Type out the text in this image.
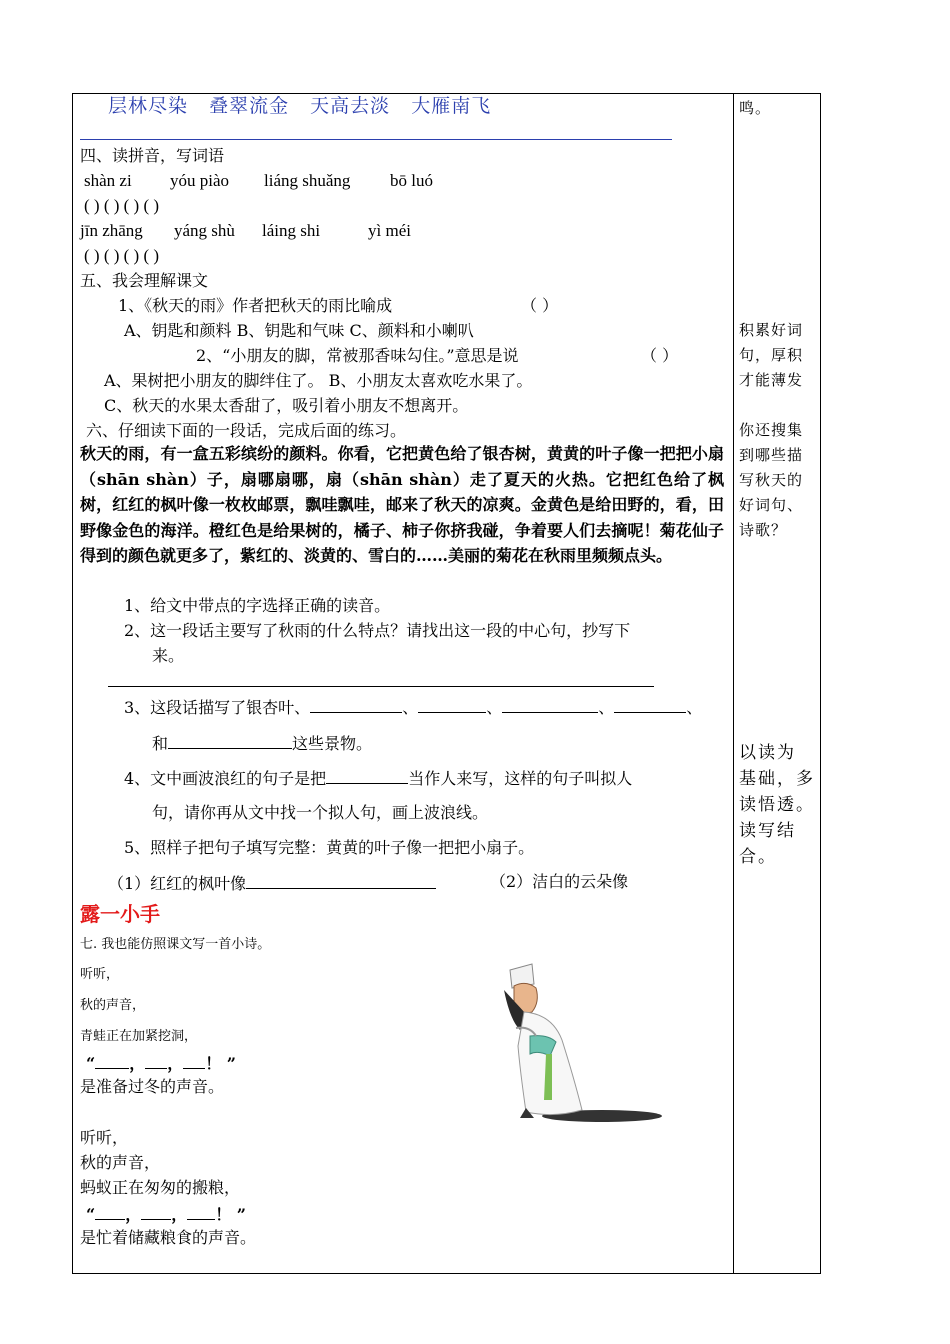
鸣。
积累好词
句，厚积
才能薄发
你还搜集
到哪些描
写秋天的
好词句、
诗歌？
以读为
基础，多
读悟透。
读写结
合。
层林尽染 叠翠流金 天高去淡 大雁南飞
四、读拼音，写词语
shàn zi yóu piào liáng shuǎng bō luó
( ) ( ) ( ) ( )
jīn zhāng yáng shù láing shi	yì méi
( ) ( ) ( ) ( )
五、我会理解课文
1、《秋天的雨》作者把秋天的雨比喻成	（ ）
A、钥匙和颜料 B、钥匙和气味 C、颜料和小喇叭
2、“小朋友的脚，常被那香味勾住。”意思是说	（ ）
A、果树把小朋友的脚绊住了。 B、小朋友太喜欢吃水果了。
C、秋天的水果太香甜了，吸引着小朋友不想离开。
六、仔细读下面的一段话，完成后面的练习。
秋天的雨，有一盒五彩缤纷的颜料。你看，它把黄色给了银杏树，黄黄的叶子像一把把小扇（shān shàn）子，扇哪扇哪，扇（shān shàn）走了夏天的火热。它把红色给了枫树，红红的枫叶像一枚枚邮票，飘哇飘哇，邮来了秋天的凉爽。金黄色是给田野的，看，田野像金色的海洋。橙红色是给果树的，橘子、柿子你挤我碰，争着要人们去摘呢！菊花仙子得到的颜色就更多了，紫红的、淡黄的、雪白的……美丽的菊花在秋雨里频频点头。
1、给文中带点的字选择正确的读音。
2、这一段话主要写了秋雨的什么特点？请找出这一段的中心句，抄写下
来。
3、这段话描写了银杏叶、	、	、	、	、
和	这些景物。
4、文中画波浪红的句子是把	当作人来写，这样的句子叫拟人
句，请你再从文中找一个拟人句，画上波浪线。
5、照样子把句子填写完整：黄黄的叶子像一把把小扇子。
（1）红红的枫叶像	（2）洁白的云朵像
露一小手
七. 我也能仿照课文写一首小诗。
听听，
秋的声音，
青蛙正在加紧挖洞，
“ ， ， ！ ”
是准备过冬的声音。
听听，
秋的声音，
蚂蚁正在匆匆的搬粮，
“ ， ， ！ ”
是忙着储藏粮食的声音。
